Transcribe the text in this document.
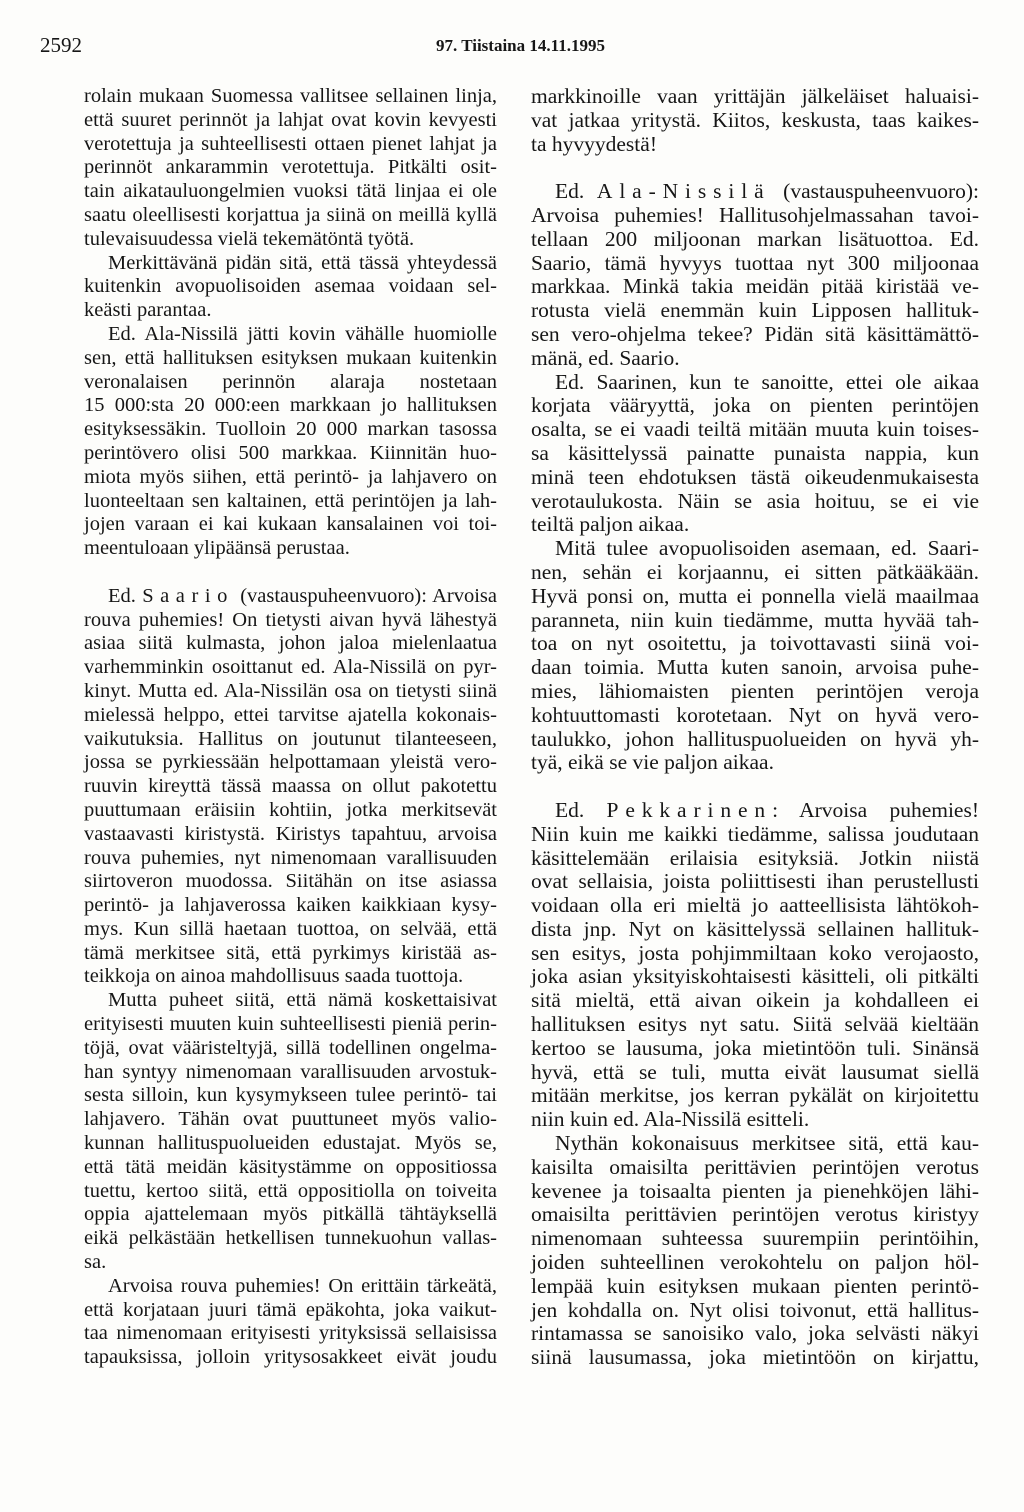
2592	97. Tiistaina 14.11.1995
rolain mukaan Suomessa vallitsee sellainen linja,
että suuret perinnöt ja lahjat ovat kovin kevyesti
verotettuja ja suhteellisesti ottaen pienet lahjat ja
perinnöt ankarammin verotettuja. Pitkälti osit-
tain aikatauluongelmien vuoksi tätä linjaa ei ole
saatu oleellisesti korjattua ja siinä on meillä kyllä
tulevaisuudessa vielä tekemätöntä työtä.
Merkittävänä pidän sitä, että tässä yhteydessä
kuitenkin avopuolisoiden asemaa voidaan sel-
keästi parantaa.
Ed. Ala-Nissilä jätti kovin vähälle huomiolle
sen, että hallituksen esityksen mukaan kuitenkin
veronalaisen perinnön alaraja nostetaan
15 000:sta 20 000:een markkaan jo hallituksen
esityksessäkin. Tuolloin 20 000 markan tasossa
perintövero olisi 500 markkaa. Kiinnitän huo-
miota myös siihen, että perintö- ja lahjavero on
luonteeltaan sen kaltainen, että perintöjen ja lah-
jojen varaan ei kai kukaan kansalainen voi toi-
meentuloaan ylipäänsä perustaa.
Ed. Saario (vastauspuheenvuoro): Arvoisa
rouva puhemies! On tietysti aivan hyvä lähestyä
asiaa siitä kulmasta, johon jaloa mielenlaatua
varhemminkin osoittanut ed. Ala-Nissilä on pyr-
kinyt. Mutta ed. Ala-Nissilän osa on tietysti siinä
mielessä helppo, ettei tarvitse ajatella kokonais-
vaikutuksia. Hallitus on joutunut tilanteeseen,
jossa se pyrkiessään helpottamaan yleistä vero-
ruuvin kireyttä tässä maassa on ollut pakotettu
puuttumaan eräisiin kohtiin, jotka merkitsevät
vastaavasti kiristystä. Kiristys tapahtuu, arvoisa
rouva puhemies, nyt nimenomaan varallisuuden
siirtoveron muodossa. Siitähän on itse asiassa
perintö- ja lahjaverossa kaiken kaikkiaan kysy-
mys. Kun sillä haetaan tuottoa, on selvää, että
tämä merkitsee sitä, että pyrkimys kiristää as-
teikkoja on ainoa mahdollisuus saada tuottoja.
Mutta puheet siitä, että nämä koskettaisivat
erityisesti muuten kuin suhteellisesti pieniä perin-
töjä, ovat vääristeltyjä, sillä todellinen ongelma-
han syntyy nimenomaan varallisuuden arvostuk-
sesta silloin, kun kysymykseen tulee perintö- tai
lahjavero. Tähän ovat puuttuneet myös valio-
kunnan hallituspuolueiden edustajat. Myös se,
että tätä meidän käsitystämme on oppositiossa
tuettu, kertoo siitä, että oppositiolla on toiveita
oppia ajattelemaan myös pitkällä tähtäyksellä
eikä pelkästään hetkellisen tunnekuohun vallas-
sa.
Arvoisa rouva puhemies! On erittäin tärkeätä,
että korjataan juuri tämä epäkohta, joka vaikut-
taa nimenomaan erityisesti yrityksissä sellaisissa
tapauksissa, jolloin yritysosakkeet eivät joudu
markkinoille vaan yrittäjän jälkeläiset haluaisi-
vat jatkaa yritystä. Kiitos, keskusta, taas kaikes-
ta hyvyydestä!
Ed. Ala-Nissilä (vastauspuheenvuoro):
Arvoisa puhemies! Hallitusohjelmassahan tavoi-
tellaan 200 miljoonan markan lisätuottoa. Ed.
Saario, tämä hyvyys tuottaa nyt 300 miljoonaa
markkaa. Minkä takia meidän pitää kiristää ve-
rotusta vielä enemmän kuin Lipposen hallituk-
sen vero-ohjelma tekee? Pidän sitä käsittämättö-
mänä, ed. Saario.
Ed. Saarinen, kun te sanoitte, ettei ole aikaa
korjata vääryyttä, joka on pienten perintöjen
osalta, se ei vaadi teiltä mitään muuta kuin toises-
sa käsittelyssä painatte punaista nappia, kun
minä teen ehdotuksen tästä oikeudenmukaisesta
verotaulukosta. Näin se asia hoituu, se ei vie
teiltä paljon aikaa.
Mitä tulee avopuolisoiden asemaan, ed. Saari-
nen, sehän ei korjaannu, ei sitten pätkääkään.
Hyvä ponsi on, mutta ei ponnella vielä maailmaa
paranneta, niin kuin tiedämme, mutta hyvää tah-
toa on nyt osoitettu, ja toivottavasti siinä voi-
daan toimia. Mutta kuten sanoin, arvoisa puhe-
mies, lähiomaisten pienten perintöjen veroja
kohtuuttomasti korotetaan. Nyt on hyvä vero-
taulukko, johon hallituspuolueiden on hyvä yh-
tyä, eikä se vie paljon aikaa.
Ed. Pekkarinen: Arvoisa puhemies!
Niin kuin me kaikki tiedämme, salissa joudutaan
käsittelemään erilaisia esityksiä. Jotkin niistä
ovat sellaisia, joista poliittisesti ihan perustellusti
voidaan olla eri mieltä jo aatteellisista lähtökoh-
dista jnp. Nyt on käsittelyssä sellainen hallituk-
sen esitys, josta pohjimmiltaan koko verojaosto,
joka asian yksityiskohtaisesti käsitteli, oli pitkälti
sitä mieltä, että aivan oikein ja kohdalleen ei
hallituksen esitys nyt satu. Siitä selvää kieltään
kertoo se lausuma, joka mietintöön tuli. Sinänsä
hyvä, että se tuli, mutta eivät lausumat siellä
mitään merkitse, jos kerran pykälät on kirjoitettu
niin kuin ed. Ala-Nissilä esitteli.
Nythän kokonaisuus merkitsee sitä, että kau-
kaisilta omaisilta perittävien perintöjen verotus
kevenee ja toisaalta pienten ja pienehköjen lähi-
omaisilta perittävien perintöjen verotus kiristyy
nimenomaan suhteessa suurempiin perintöihin,
joiden suhteellinen verokohtelu on paljon höl-
lempää kuin esityksen mukaan pienten perintö-
jen kohdalla on. Nyt olisi toivonut, että hallitus-
rintamassa se sanoisiko valo, joka selvästi näkyi
siinä lausumassa, joka mietintöön on kirjattu,
